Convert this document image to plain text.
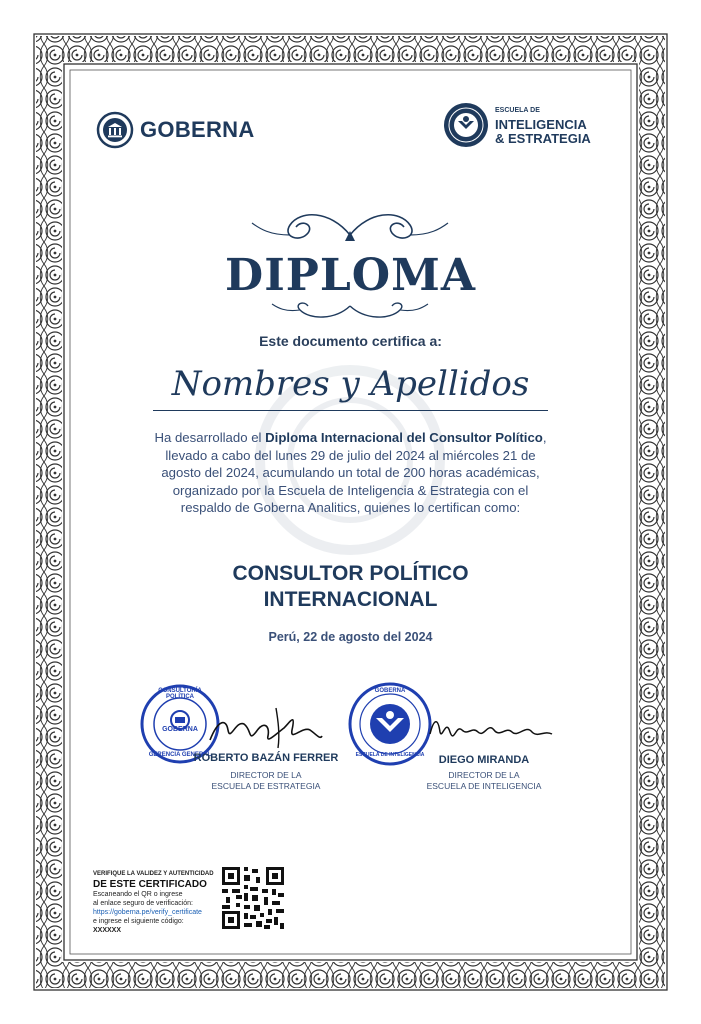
GOBERNA
ESCUELA DE
INTELIGENCIA
& ESTRATEGIA
DIPLOMA
Este documento certifica a:
Nombres y Apellidos
Ha desarrollado el Diploma Internacional del Consultor Político, llevado a cabo del lunes 29 de julio del 2024 al miércoles 21 de agosto del 2024, acumulando un total de 200 horas académicas, organizado por la Escuela de Inteligencia & Estrategia con el respaldo de Goberna Analitics, quienes lo certifican como:
CONSULTOR POLÍTICO
INTERNACIONAL
Perú, 22 de agosto del 2024
CONSULTORÍA POLÍTICA
GOBERNA
GERENCIA GENERAL
ROBERTO BAZÁN FERRER
DIRECTOR DE LA
ESCUELA DE ESTRATEGIA
GOBERNA
ESCUELA DE INTELIGENCIA	DIEGO MIRANDA
DIRECTOR DE LA
ESCUELA DE INTELIGENCIA
VERIFIQUE LA VALIDEZ Y AUTENTICIDAD
DE ESTE CERTIFICADO
Escaneando el QR o ingrese
al enlace seguro de verificación:
https://goberna.pe/verify_certificate
e ingrese el siguiente código:
XXXXXX
